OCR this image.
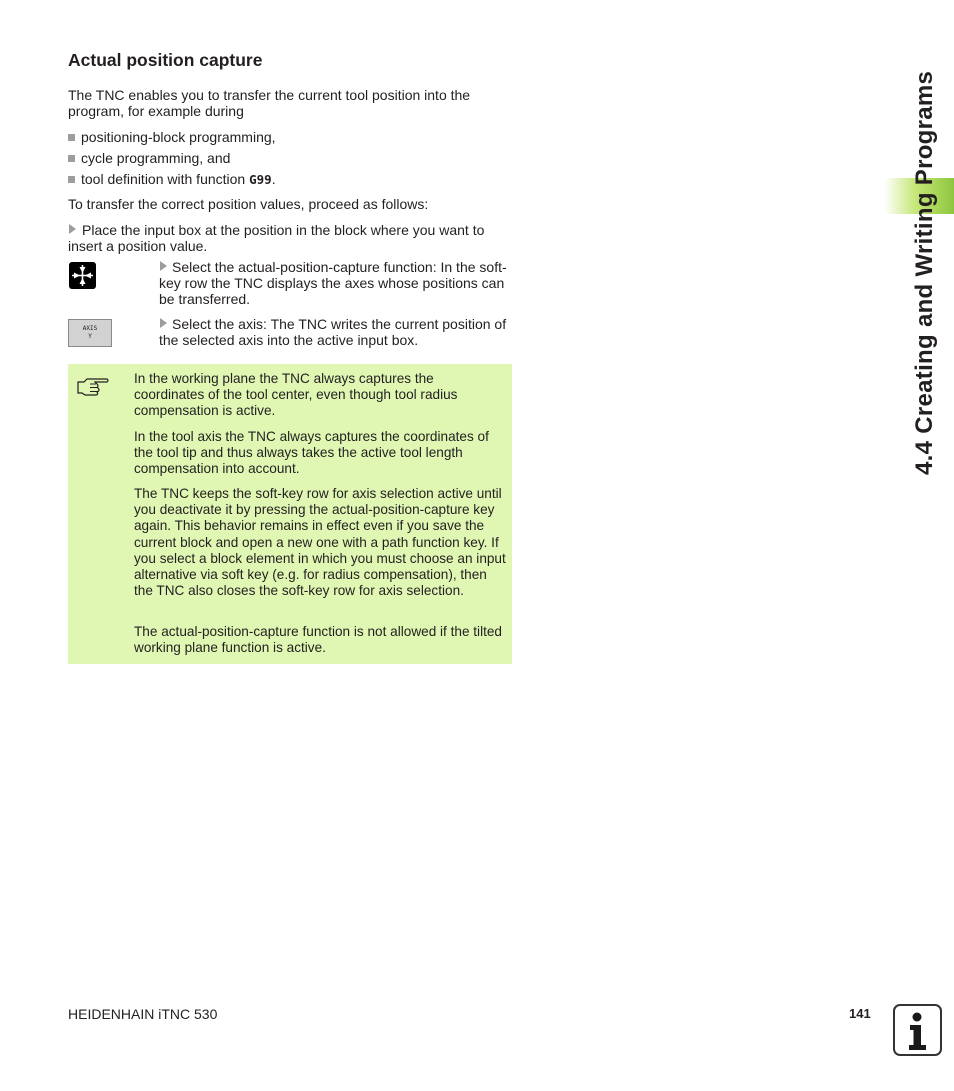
Actual position capture

The TNC enables you to transfer the current tool position into the program, for example during

positioning-block programming,
cycle programming, and
tool definition with function G99.

To transfer the correct position values, proceed as follows:

Place the input box at the position in the block where you want to insert a position value.

Select the actual-position-capture function: In the soft-key row the TNC displays the axes whose positions can be transferred.

AXIS
Y

Select the axis: The TNC writes the current position of the selected axis into the active input box.

In the working plane the TNC always captures the coordinates of the tool center, even though tool radius compensation is active.

In the tool axis the TNC always captures the coordinates of the tool tip and thus always takes the active tool length compensation into account.

The TNC keeps the soft-key row for axis selection active until you deactivate it by pressing the actual-position-capture key again. This behavior remains in effect even if you save the current block and open a new one with a path function key. If you select a block element in which you must choose an input alternative via soft key (e.g. for radius compensation), then the TNC also closes the soft-key row for axis selection.

The actual-position-capture function is not allowed if the tilted working plane function is active.

4.4 Creating and Writing Programs
HEIDENHAIN iTNC 530	141
